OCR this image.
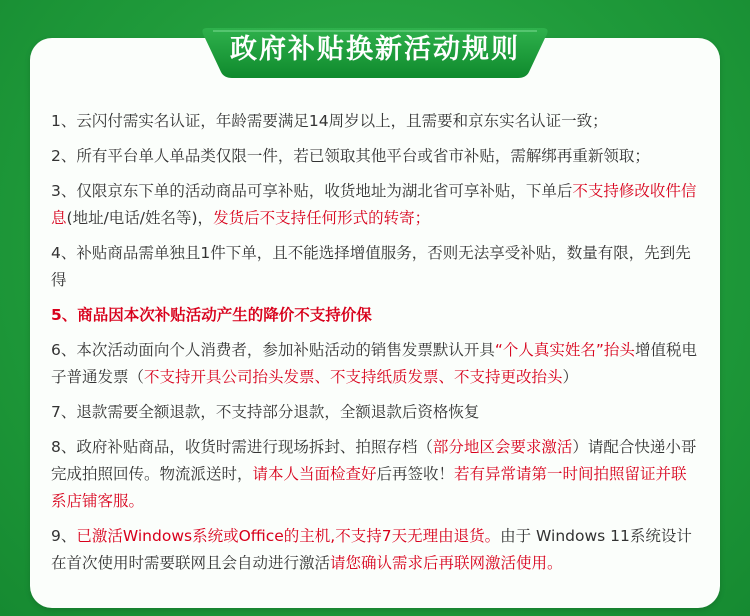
政府补贴换新活动规则
1、云闪付需实名认证，年龄需要满足14周岁以上，且需要和京东实名认证一致；
2、所有平台单人单品类仅限一件，若已领取其他平台或省市补贴，需解绑再重新领取；
3、仅限京东下单的活动商品可享补贴，收货地址为湖北省可享补贴，下单后不支持修改收件信息(地址/电话/姓名等)，发货后不支持任何形式的转寄；
4、补贴商品需单独且1件下单，且不能选择增值服务，否则无法享受补贴，数量有限，先到先得
5、商品因本次补贴活动产生的降价不支持价保
6、本次活动面向个人消费者，参加补贴活动的销售发票默认开具“个人真实姓名”抬头增值税电子普通发票（不支持开具公司抬头发票、不支持纸质发票、不支持更改抬头）
7、退款需要全额退款，不支持部分退款，全额退款后资格恢复
8、政府补贴商品，收货时需进行现场拆封、拍照存档（部分地区会要求激活）请配合快递小哥完成拍照回传。物流派送时，请本人当面检查好后再签收！若有异常请第一时间拍照留证并联系店铺客服。
9、已激活Windows系统或Office的主机,不支持7天无理由退货。由于 Windows 11系统设计在首次使用时需要联网且会自动进行激活请您确认需求后再联网激活使用。
